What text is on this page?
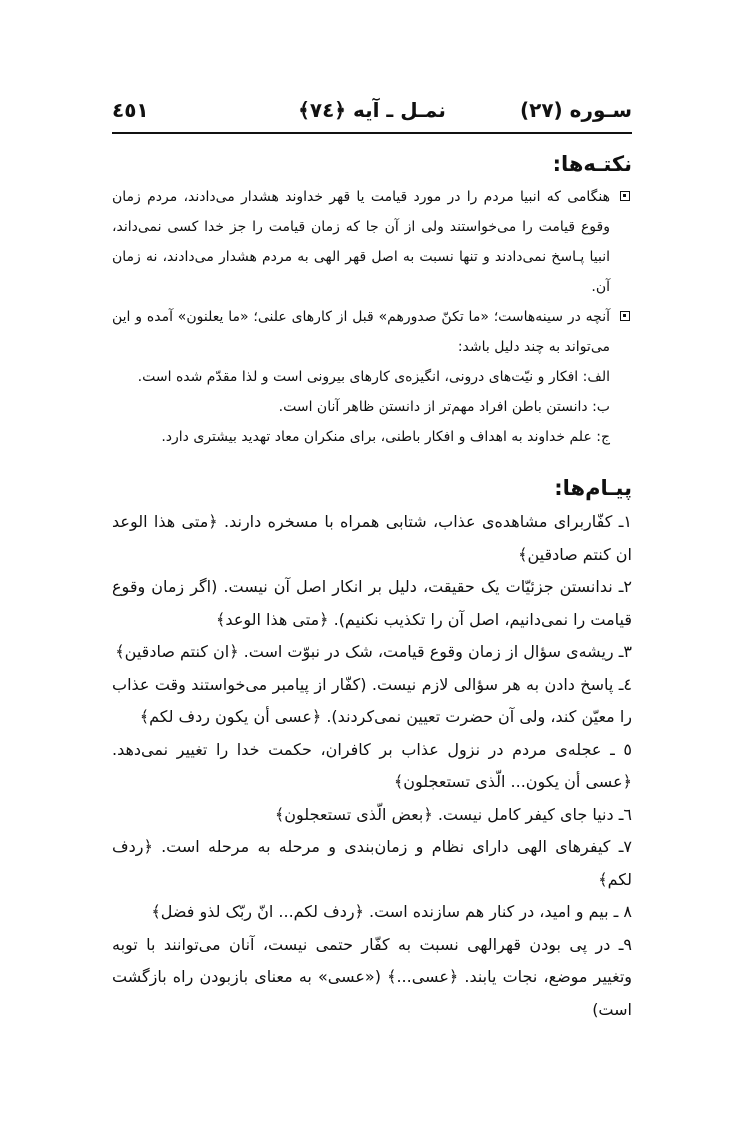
سـوره (٢٧)
نمـل ـ آیه ﴿٧٤﴾
٤٥١

نکتـه‌ها:

هنگامی که انبیا مردم را در مورد قیامت یا قهر خداوند هشدار می‌دادند، مردم زمان وقوع قیامت را می‌خواستند ولی از آن جا که زمان قیامت را جز خدا کسی نمی‌داند، انبیا پـاسخ نمی‌دادند و تنها نسبت به اصل قهر الهی به مردم هشدار می‌دادند، نه زمان آن.

آنچه در سینه‌هاست؛ «ما تکنّ صدورهم» قبل از کارهای علنی؛ «ما یعلنون» آمده و این می‌تواند به چند دلیل باشد:

الف: افکار و نیّت‌های درونی، انگیزه‌ی کارهای بیرونی است و لذا مقدّم شده است.

ب: دانستن باطن افراد مهم‌تر از دانستن ظاهر آنان است.

ج: علم خداوند به اهداف و افکار باطنی، برای منکران معاد تهدید بیشتری دارد.

پیـام‌ها:

١ـ کفّاربرای مشاهده‌ی عذاب، شتابی همراه با مسخره دارند. ﴿متی هذا الوعد ان کنتم صادقین﴾

٢ـ ندانستن جزئیّات یک حقیقت، دلیل بر انکار اصل آن نیست. (اگر زمان وقوع قیامت را نمی‌دانیم، اصل آن را تکذیب نکنیم). ﴿متی هذا الوعد﴾

٣ـ ریشه‌ی سؤال از زمان وقوع قیامت، شک در نبوّت است. ﴿ان کنتم صادقین﴾

٤ـ پاسخ دادن به هر سؤالی لازم نیست. (کفّار از پیامبر می‌خواستند وقت عذاب را معیّن کند، ولی آن حضرت تعیین نمی‌کردند). ﴿عسی أن یکون ردف لکم﴾

٥ ـ عجله‌ی مردم در نزول عذاب بر کافران، حکمت خدا را تغییر نمی‌دهد. ﴿عسی أن یکون... الّذی تستعجلون﴾

٦ـ دنیا جای کیفر کامل نیست. ﴿بعض الّذی تستعجلون﴾

٧ـ کیفرهای الهی دارای نظام و زمان‌بندی و مرحله به مرحله است. ﴿ردف لکم﴾

٨ ـ بیم و امید، در کنار هم سازنده است. ﴿ردف لکم... انّ ربّک لذو فضل﴾

٩ـ در پی بودن قهرالهی نسبت به کفّار حتمی نیست، آنان می‌توانند با توبه وتغییر موضع، نجات یابند. ﴿عسی...﴾ («عسی» به معنای بازبودن راه بازگشت است)
